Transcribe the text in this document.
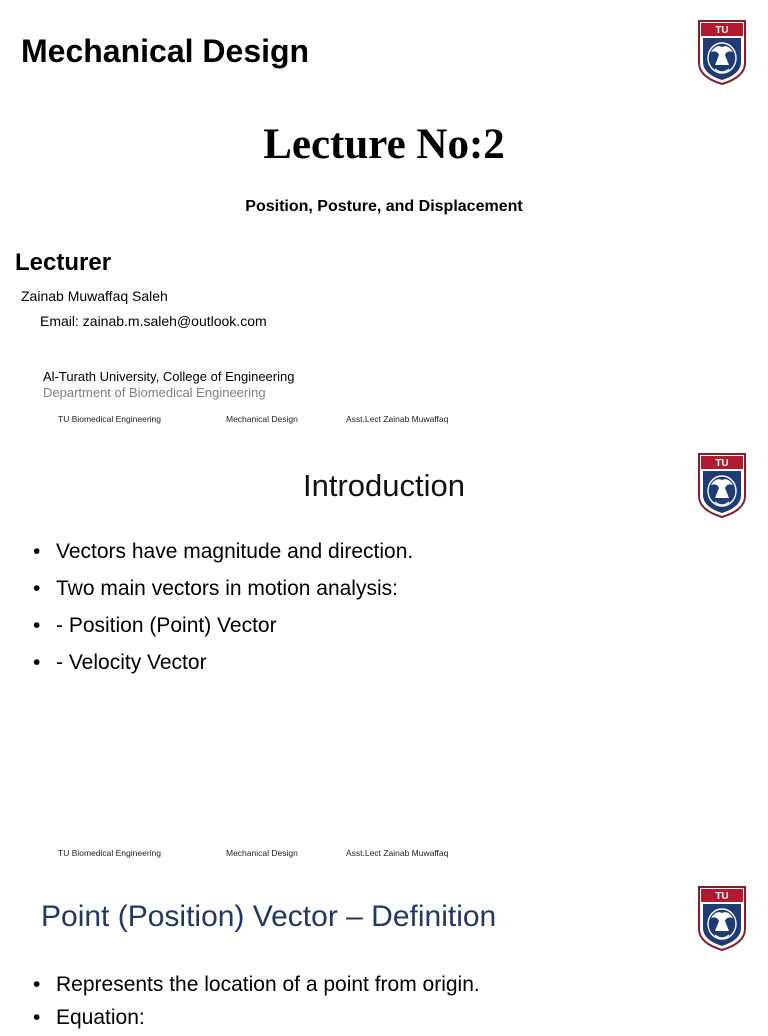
Mechanical Design
Lecture No:2
Position, Posture, and Displacement
Lecturer
Zainab Muwaffaq Saleh
Email: zainab.m.saleh@outlook.com
Al-Turath University, College of Engineering
Department of Biomedical Engineering
TU Biomedical Engineering	Mechanical Design	Asst.Lect Zainab Muwaffaq
Introduction
• Vectors have magnitude and direction.
• Two main vectors in motion analysis:
• - Position (Point) Vector
• - Velocity Vector
TU Biomedical Engineering	Mechanical Design	Asst.Lect Zainab Muwaffaq
Point (Position) Vector – Definition
• Represents the location of a point from origin.
• Equation:
